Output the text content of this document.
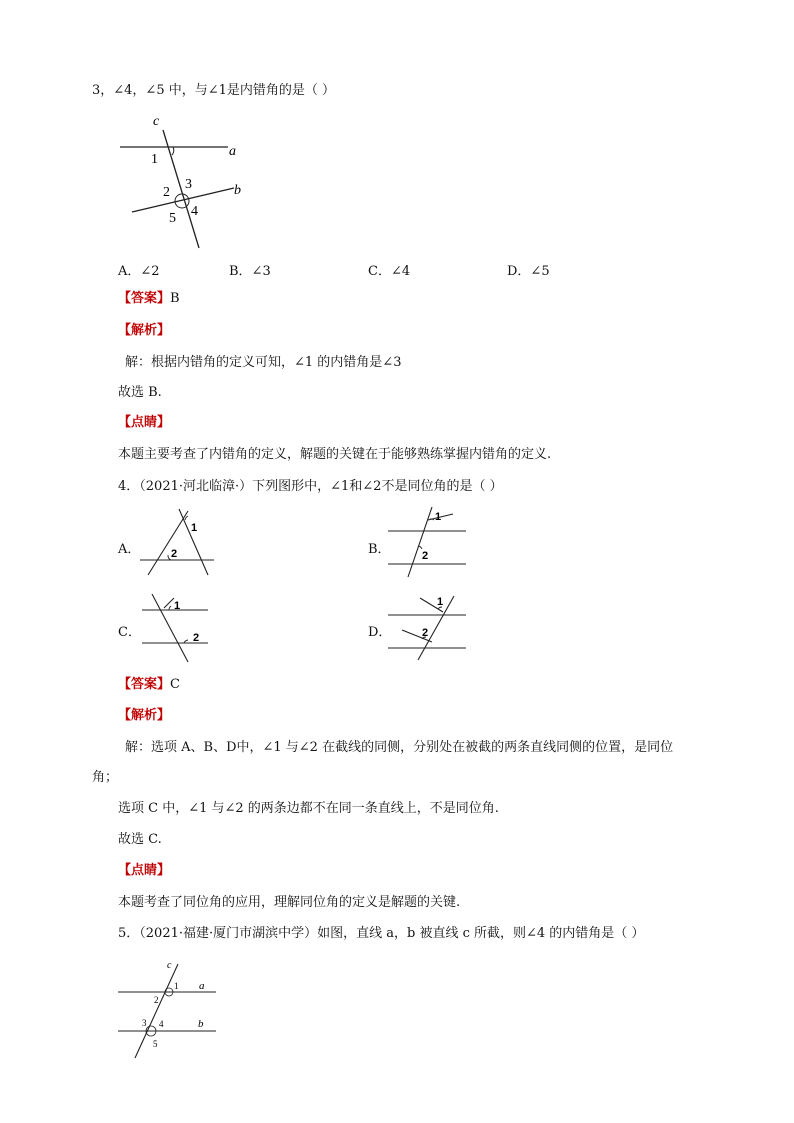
3，∠4，∠5 中，与∠1是内错角的是（ ）
c
a
b
1
2
3
4
5
A．∠2	B．∠3	C．∠4	D．∠5
【答案】B
【解析】
解：根据内错角的定义可知，∠1 的内错角是∠3
故选 B.
【点睛】
本题主要考查了内错角的定义，解题的关键在于能够熟练掌握内错角的定义.
4．（2021·河北临漳·）下列图形中，∠1和∠2不是同位角的是（ ）
A．
1
2	B．
1
2
C．
1
2	D．
1
2
【答案】C
【解析】
解：选项 A、B、D中，∠1 与∠2 在截线的同侧，分别处在被截的两条直线同侧的位置，是同位
角；
选项 C 中，∠1 与∠2 的两条边都不在同一条直线上，不是同位角.
故选 C.
【点睛】
本题考查了同位角的应用，理解同位角的定义是解题的关键.
5．（2021·福建·厦门市湖滨中学）如图，直线 a，b 被直线 c 所截，则∠4 的内错角是（ ）
c
a
b
1
2
3 4
5
